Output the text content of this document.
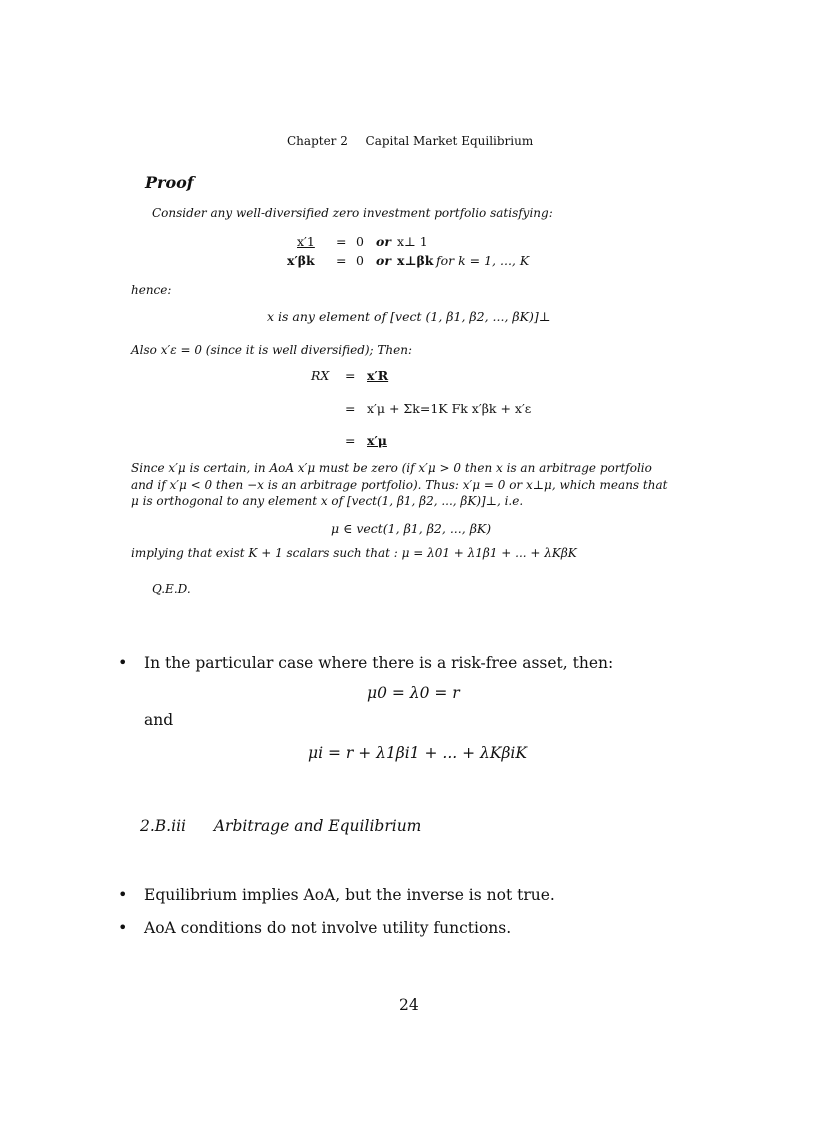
Chapter 2 Capital Market Equilibrium
Proof
Consider any well-diversified zero investment portfolio satisfying:
x′1 = 0 or x⊥ 1
x′βk = 0 or x⊥βk for k = 1, ..., K
hence:
x is any element of [vect (1, β1, β2, ..., βK)]⊥
Also x′ε = 0 (since it is well diversified); Then:
RX = x′R
= x′μ + Σk=1K Fk x′βk + x′ε
= x′μ
Since x′μ is certain, in AoA x′μ must be zero (if x′μ > 0 then x is an arbitrage portfolio
and if x′μ < 0 then −x is an arbitrage portfolio). Thus: x′μ = 0 or x⊥μ, which means that
μ is orthogonal to any element x of [vect(1, β1, β2, ..., βK)]⊥, i.e.
μ ∈ vect(1, β1, β2, ..., βK)
implying that exist K + 1 scalars such that : μ = λ01 + λ1β1 + ... + λKβK
Q.E.D.
• In the particular case where there is a risk-free asset, then:
μ0 = λ0 = r
and
μi = r + λ1βi1 + ... + λKβiK
2.B.iii Arbitrage and Equilibrium
• Equilibrium implies AoA, but the inverse is not true.
• AoA conditions do not involve utility functions.
24
